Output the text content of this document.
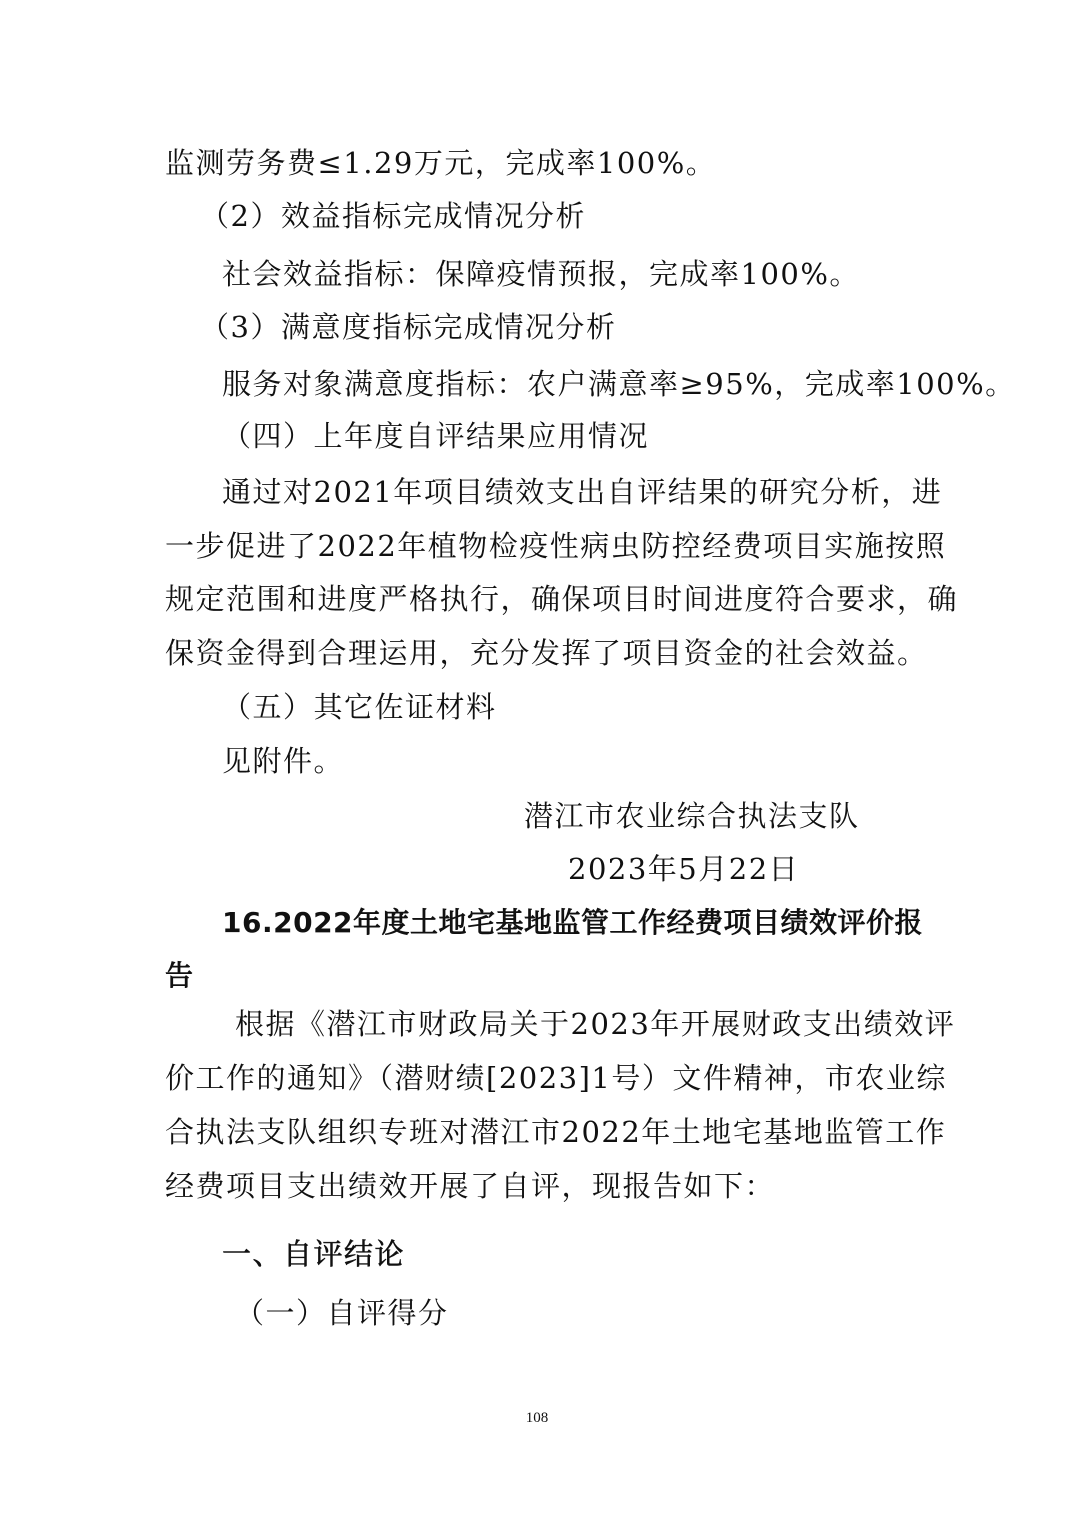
监测劳务费≤1.29万元，完成率100%。
（2）效益指标完成情况分析
社会效益指标：保障疫情预报，完成率100%。
（3）满意度指标完成情况分析
服务对象满意度指标：农户满意率≥95%，完成率100%。
（四）上年度自评结果应用情况
通过对2021年项目绩效支出自评结果的研究分析，进
一步促进了2022年植物检疫性病虫防控经费项目实施按照
规定范围和进度严格执行，确保项目时间进度符合要求，确
保资金得到合理运用，充分发挥了项目资金的社会效益。
（五）其它佐证材料
见附件。
潜江市农业综合执法支队
2023年5月22日
16.2022年度土地宅基地监管工作经费项目绩效评价报
告
根据《潜江市财政局关于2023年开展财政支出绩效评
价工作的通知》（潜财绩[2023]1号）文件精神，市农业综
合执法支队组织专班对潜江市2022年土地宅基地监管工作
经费项目支出绩效开展了自评，现报告如下：
一、自评结论
（一）自评得分
108
